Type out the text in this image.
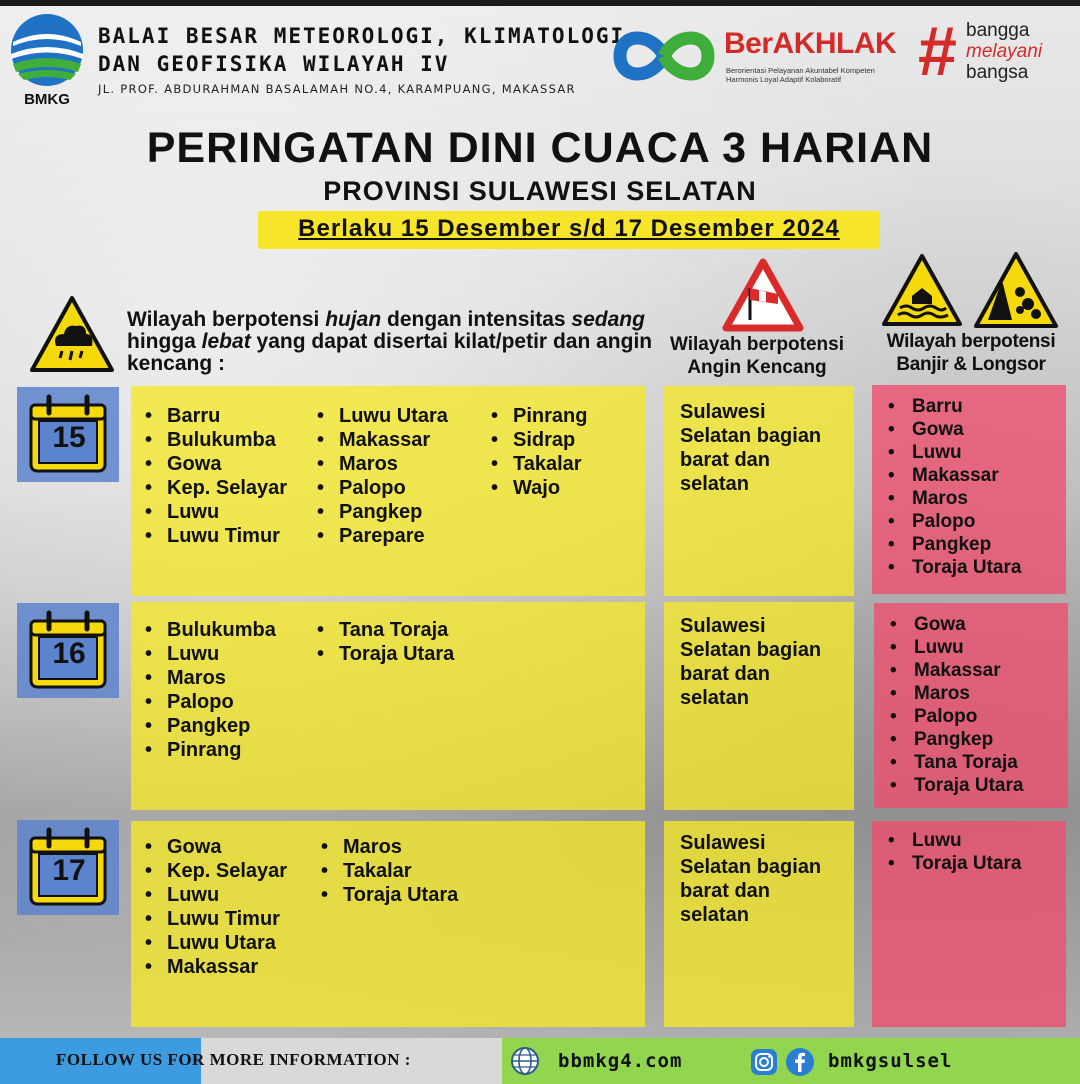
BMKG
BALAI BESAR METEOROLOGI, KLIMATOLOGI,
DAN GEOFISIKA WILAYAH IV
JL. PROF. ABDURAHMAN BASALAMAH NO.4, KARAMPUANG, MAKASSAR
BerAKHLAK
Berorientasi Pelayanan Akuntabel Kompeten
Harmonis Loyal Adaptif Kolaboratif	# bangga
melayani
bangsa
PERINGATAN DINI CUACA 3 HARIAN
PROVINSI SULAWESI SELATAN
Berlaku 15 Desember s/d 17 Desember 2024
Wilayah berpotensi hujan dengan intensitas sedang hingga lebat yang dapat disertai kilat/petir dan angin kencang :
Wilayah berpotensi
Angin Kencang
Wilayah berpotensi
Banjir & Longsor
15
• Barru
• Bulukumba
• Gowa
• Kep. Selayar
• Luwu
• Luwu Timur
• Luwu Utara
• Makassar
• Maros
• Palopo
• Pangkep
• Parepare
• Pinrang
• Sidrap
• Takalar
• Wajo
Sulawesi
Selatan bagian
barat dan
selatan
• Barru
• Gowa
• Luwu
• Makassar
• Maros
• Palopo
• Pangkep
• Toraja Utara
16
• Bulukumba
• Luwu
• Maros
• Palopo
• Pangkep
• Pinrang
• Tana Toraja
• Toraja Utara
Sulawesi
Selatan bagian
barat dan
selatan
• Gowa
• Luwu
• Makassar
• Maros
• Palopo
• Pangkep
• Tana Toraja
• Toraja Utara
17
• Gowa
• Kep. Selayar
• Luwu
• Luwu Timur
• Luwu Utara
• Makassar
• Maros
• Takalar
• Toraja Utara
Sulawesi
Selatan bagian
barat dan
selatan
• Luwu
• Toraja Utara
FOLLOW US FOR MORE INFORMATION :	bbmkg4.com	bmkgsulsel
